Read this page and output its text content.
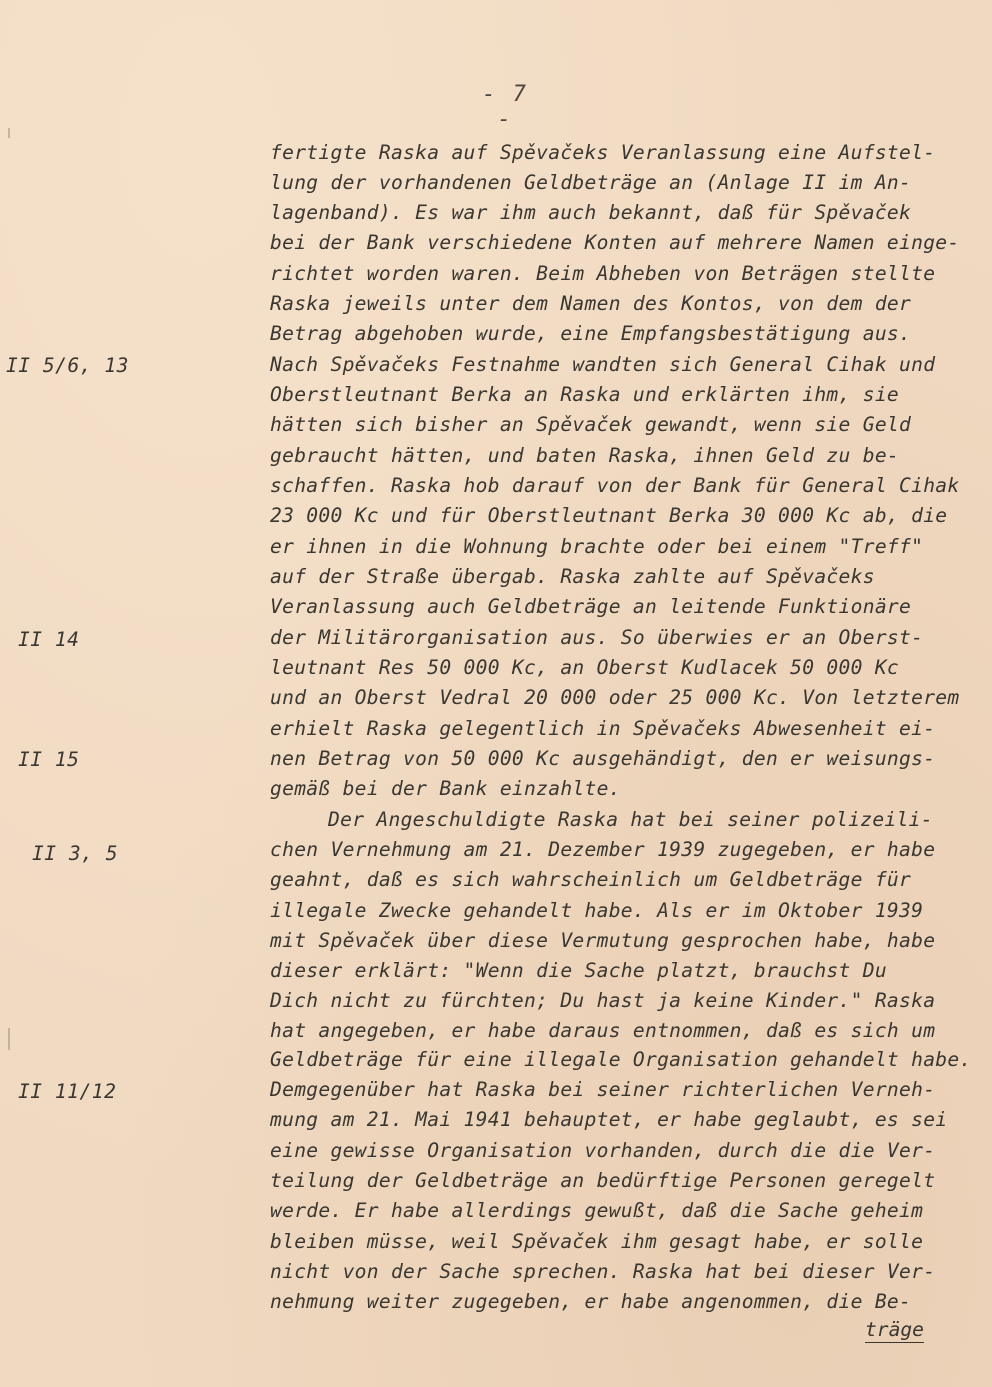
- 7 -
II 5/6, 13
II 14
II 15
II 3, 5
II 11/12
fertigte Raska auf Spěvačeks Veranlassung eine Aufstel-
lung der vorhandenen Geldbeträge an (Anlage II im An-
lagenband). Es war ihm auch bekannt, daß für Spěvaček
bei der Bank verschiedene Konten auf mehrere Namen einge-
richtet worden waren. Beim Abheben von Beträgen stellte
Raska jeweils unter dem Namen des Kontos, von dem der
Betrag abgehoben wurde, eine Empfangsbestätigung aus.
Nach Spěvačeks Festnahme wandten sich General Cihak und
Oberstleutnant Berka an Raska und erklärten ihm, sie
hätten sich bisher an Spěvaček gewandt, wenn sie Geld
gebraucht hätten, und baten Raska, ihnen Geld zu be-
schaffen. Raska hob darauf von der Bank für General Cihak
23 000 Kc und für Oberstleutnant Berka 30 000 Kc ab, die
er ihnen in die Wohnung brachte oder bei einem "Treff"
auf der Straße übergab. Raska zahlte auf Spěvačeks
Veranlassung auch Geldbeträge an leitende Funktionäre
der Militärorganisation aus. So überwies er an Oberst-
leutnant Res 50 000 Kc, an Oberst Kudlacek 50 000 Kc
und an Oberst Vedral 20 000 oder 25 000 Kc. Von letzterem
erhielt Raska gelegentlich in Spěvačeks Abwesenheit ei-
nen Betrag von 50 000 Kc ausgehändigt, den er weisungs-
gemäß bei der Bank einzahlte.
Der Angeschuldigte Raska hat bei seiner polizeili-
chen Vernehmung am 21. Dezember 1939 zugegeben, er habe
geahnt, daß es sich wahrscheinlich um Geldbeträge für
illegale Zwecke gehandelt habe. Als er im Oktober 1939
mit Spěvaček über diese Vermutung gesprochen habe, habe
dieser erklärt: "Wenn die Sache platzt, brauchst Du
Dich nicht zu fürchten; Du hast ja keine Kinder." Raska
hat angegeben, er habe daraus entnommen, daß es sich um
Geldbeträge für eine illegale Organisation gehandelt habe.
Demgegenüber hat Raska bei seiner richterlichen Verneh-
mung am 21. Mai 1941 behauptet, er habe geglaubt, es sei
eine gewisse Organisation vorhanden, durch die die Ver-
teilung der Geldbeträge an bedürftige Personen geregelt
werde. Er habe allerdings gewußt, daß die Sache geheim
bleiben müsse, weil Spěvaček ihm gesagt habe, er solle
nicht von der Sache sprechen. Raska hat bei dieser Ver-
nehmung weiter zugegeben, er habe angenommen, die Be-
träge
